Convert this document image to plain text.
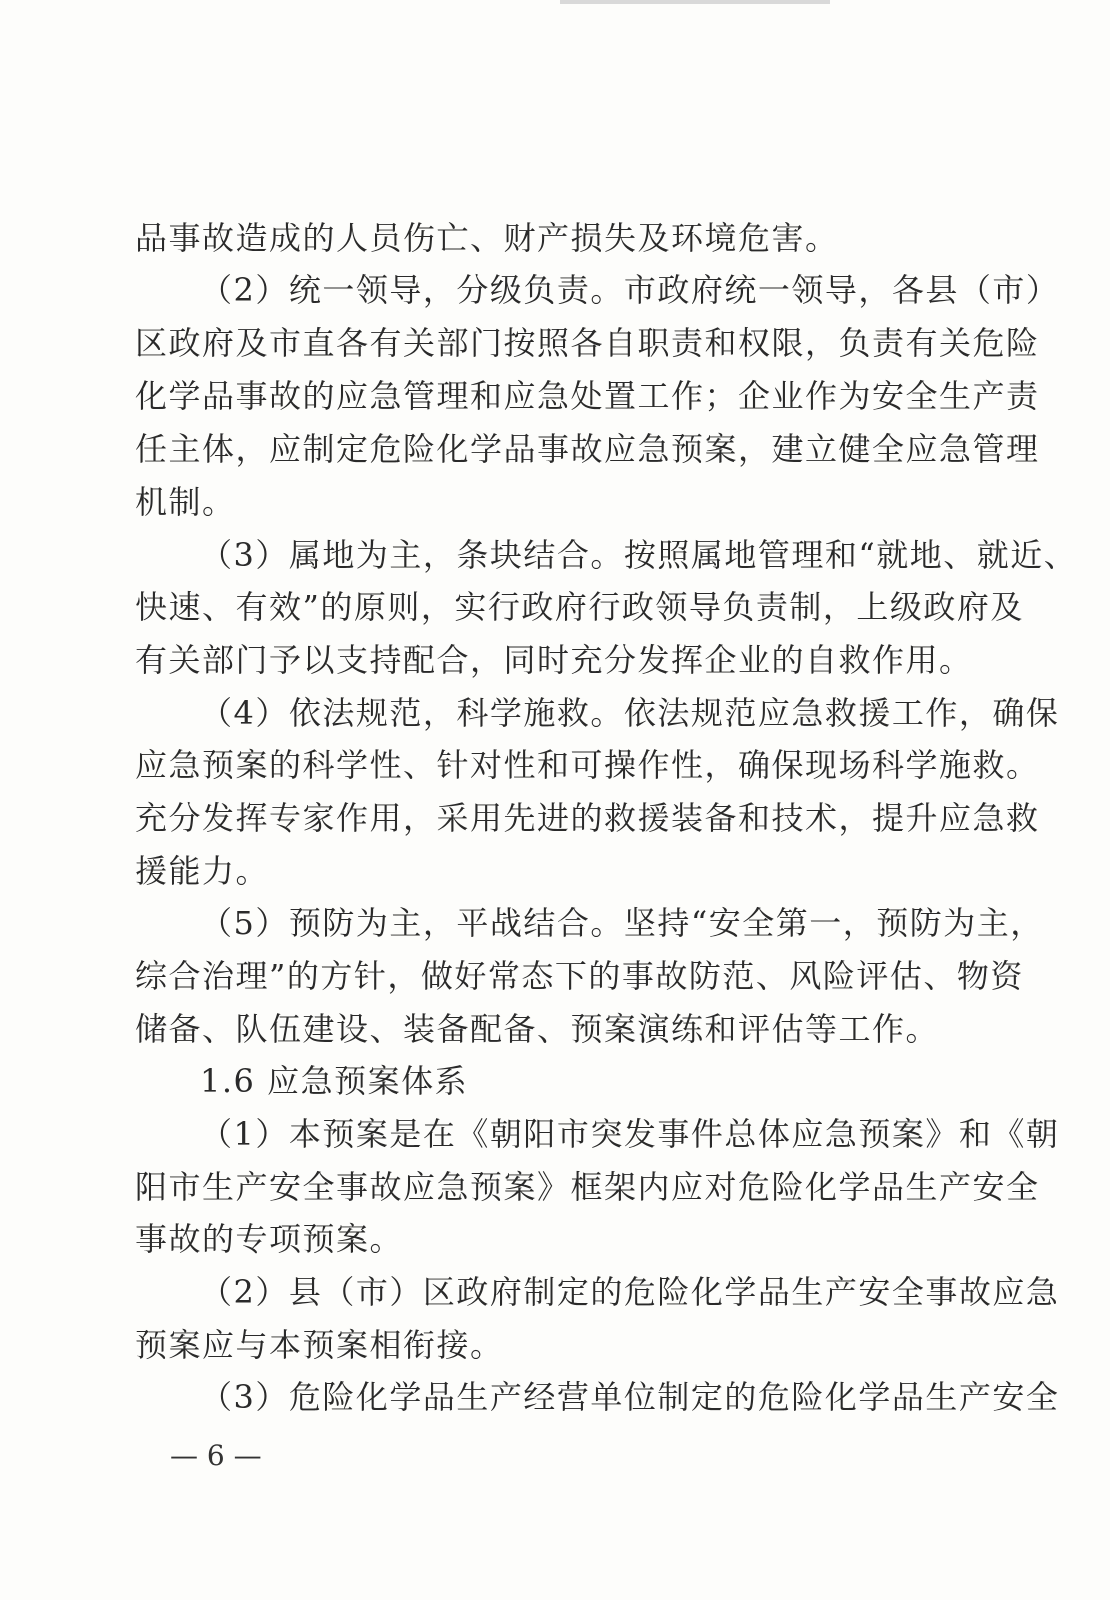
品事故造成的人员伤亡、财产损失及环境危害。
（2）统一领导，分级负责。市政府统一领导，各县（市）
区政府及市直各有关部门按照各自职责和权限，负责有关危险
化学品事故的应急管理和应急处置工作；企业作为安全生产责
任主体，应制定危险化学品事故应急预案，建立健全应急管理
机制。
（3）属地为主，条块结合。按照属地管理和“就地、就近、
快速、有效”的原则，实行政府行政领导负责制，上级政府及
有关部门予以支持配合，同时充分发挥企业的自救作用。
（4）依法规范，科学施救。依法规范应急救援工作，确保
应急预案的科学性、针对性和可操作性，确保现场科学施救。
充分发挥专家作用，采用先进的救援装备和技术，提升应急救
援能力。
（5）预防为主，平战结合。坚持“安全第一，预防为主，
综合治理”的方针，做好常态下的事故防范、风险评估、物资
储备、队伍建设、装备配备、预案演练和评估等工作。
1.6 应急预案体系
（1）本预案是在《朝阳市突发事件总体应急预案》和《朝
阳市生产安全事故应急预案》框架内应对危险化学品生产安全
事故的专项预案。
（2）县（市）区政府制定的危险化学品生产安全事故应急
预案应与本预案相衔接。
（3）危险化学品生产经营单位制定的危险化学品生产安全
— 6 —
